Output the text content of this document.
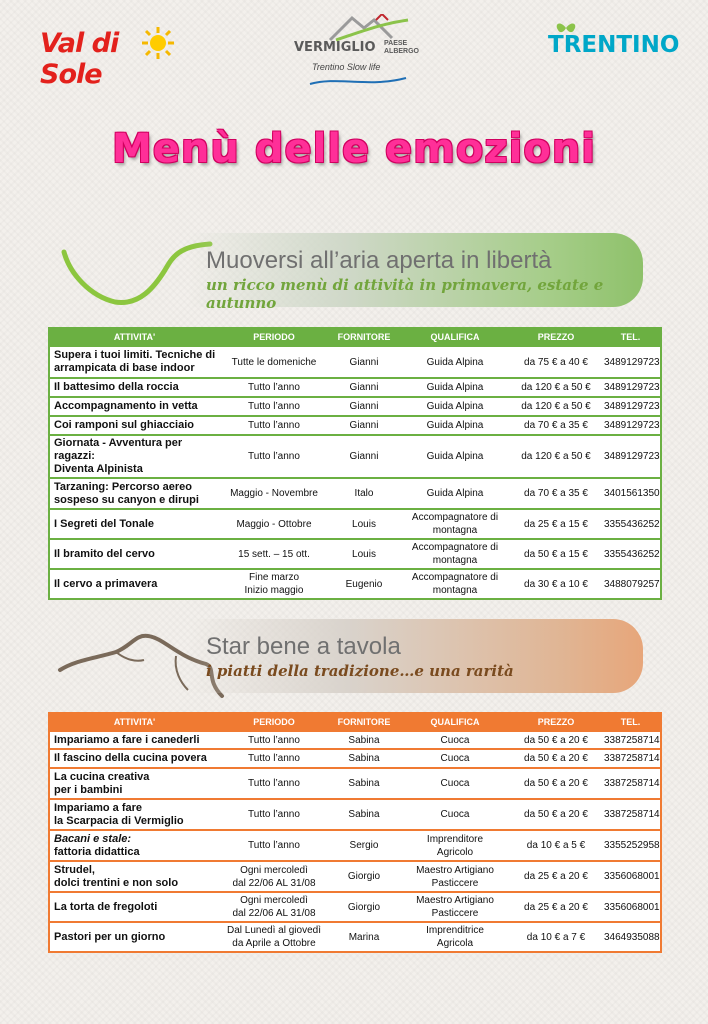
Val di Sole
VERMIGLIO PAESE
ALBERGO
Trentino Slow life
TRENTINO
Menù delle emozioni
Muoversi all’aria aperta in libertà
un ricco menù di attività in primavera, estate e autunno
ATTIVITA'	PERIODO	FORNITORE	QUALIFICA	PREZZO	TEL.
Supera i tuoi limiti. Tecniche di
arrampicata di base indoor	Tutte le domeniche	Gianni	Guida Alpina	da 75 € a 40 €	3489129723
Il battesimo della roccia	Tutto l’anno	Gianni	Guida Alpina	da 120 € a 50 €	3489129723
Accompagnamento in vetta	Tutto l’anno	Gianni	Guida Alpina	da 120 € a 50 €	3489129723
Coi ramponi sul ghiacciaio	Tutto l’anno	Gianni	Guida Alpina	da 70 € a 35 €	3489129723
Giornata - Avventura per ragazzi:
Diventa Alpinista	Tutto l’anno	Gianni	Guida Alpina	da 120 € a 50 €	3489129723
Tarzaning: Percorso aereo
sospeso su canyon e dirupi	Maggio - Novembre	Italo	Guida Alpina	da 70 € a 35 €	3401561350
I Segreti del Tonale	Maggio - Ottobre	Louis	Accompagnatore di
montagna	da 25 € a 15 €	3355436252
Il bramito del cervo	15 sett. – 15 ott.	Louis	Accompagnatore di
montagna	da 50 € a 15 €	3355436252
Il cervo a primavera	Fine marzo
Inizio maggio	Eugenio	Accompagnatore di
montagna	da 30 € a 10 €	3488079257
Star bene a tavola
i piatti della tradizione…e una rarità
ATTIVITA'	PERIODO	FORNITORE	QUALIFICA	PREZZO	TEL.
Impariamo a fare i canederli	Tutto l’anno	Sabina	Cuoca	da 50 € a 20 €	3387258714
Il fascino della cucina povera	Tutto l’anno	Sabina	Cuoca	da 50 € a 20 €	3387258714
La cucina creativa
per i bambini	Tutto l’anno	Sabina	Cuoca	da 50 € a 20 €	3387258714
Impariamo a fare
la Scarpacia di Vermiglio	Tutto l’anno	Sabina	Cuoca	da 50 € a 20 €	3387258714
Bacani e stale:
fattoria didattica	Tutto l’anno	Sergio	Imprenditore
Agricolo	da 10 € a 5 €	3355252958
Strudel,
dolci trentini e non solo	Ogni mercoledì
dal 22/06 AL 31/08	Giorgio	Maestro Artigiano
Pasticcere	da 25 € a 20 €	3356068001
La torta de fregoloti	Ogni mercoledì
dal 22/06 AL 31/08	Giorgio	Maestro Artigiano
Pasticcere	da 25 € a 20 €	3356068001
Pastori per un giorno	Dal Lunedì al giovedì
da Aprile a Ottobre	Marina	Imprenditrice
Agricola	da 10 € a 7 €	3464935088
